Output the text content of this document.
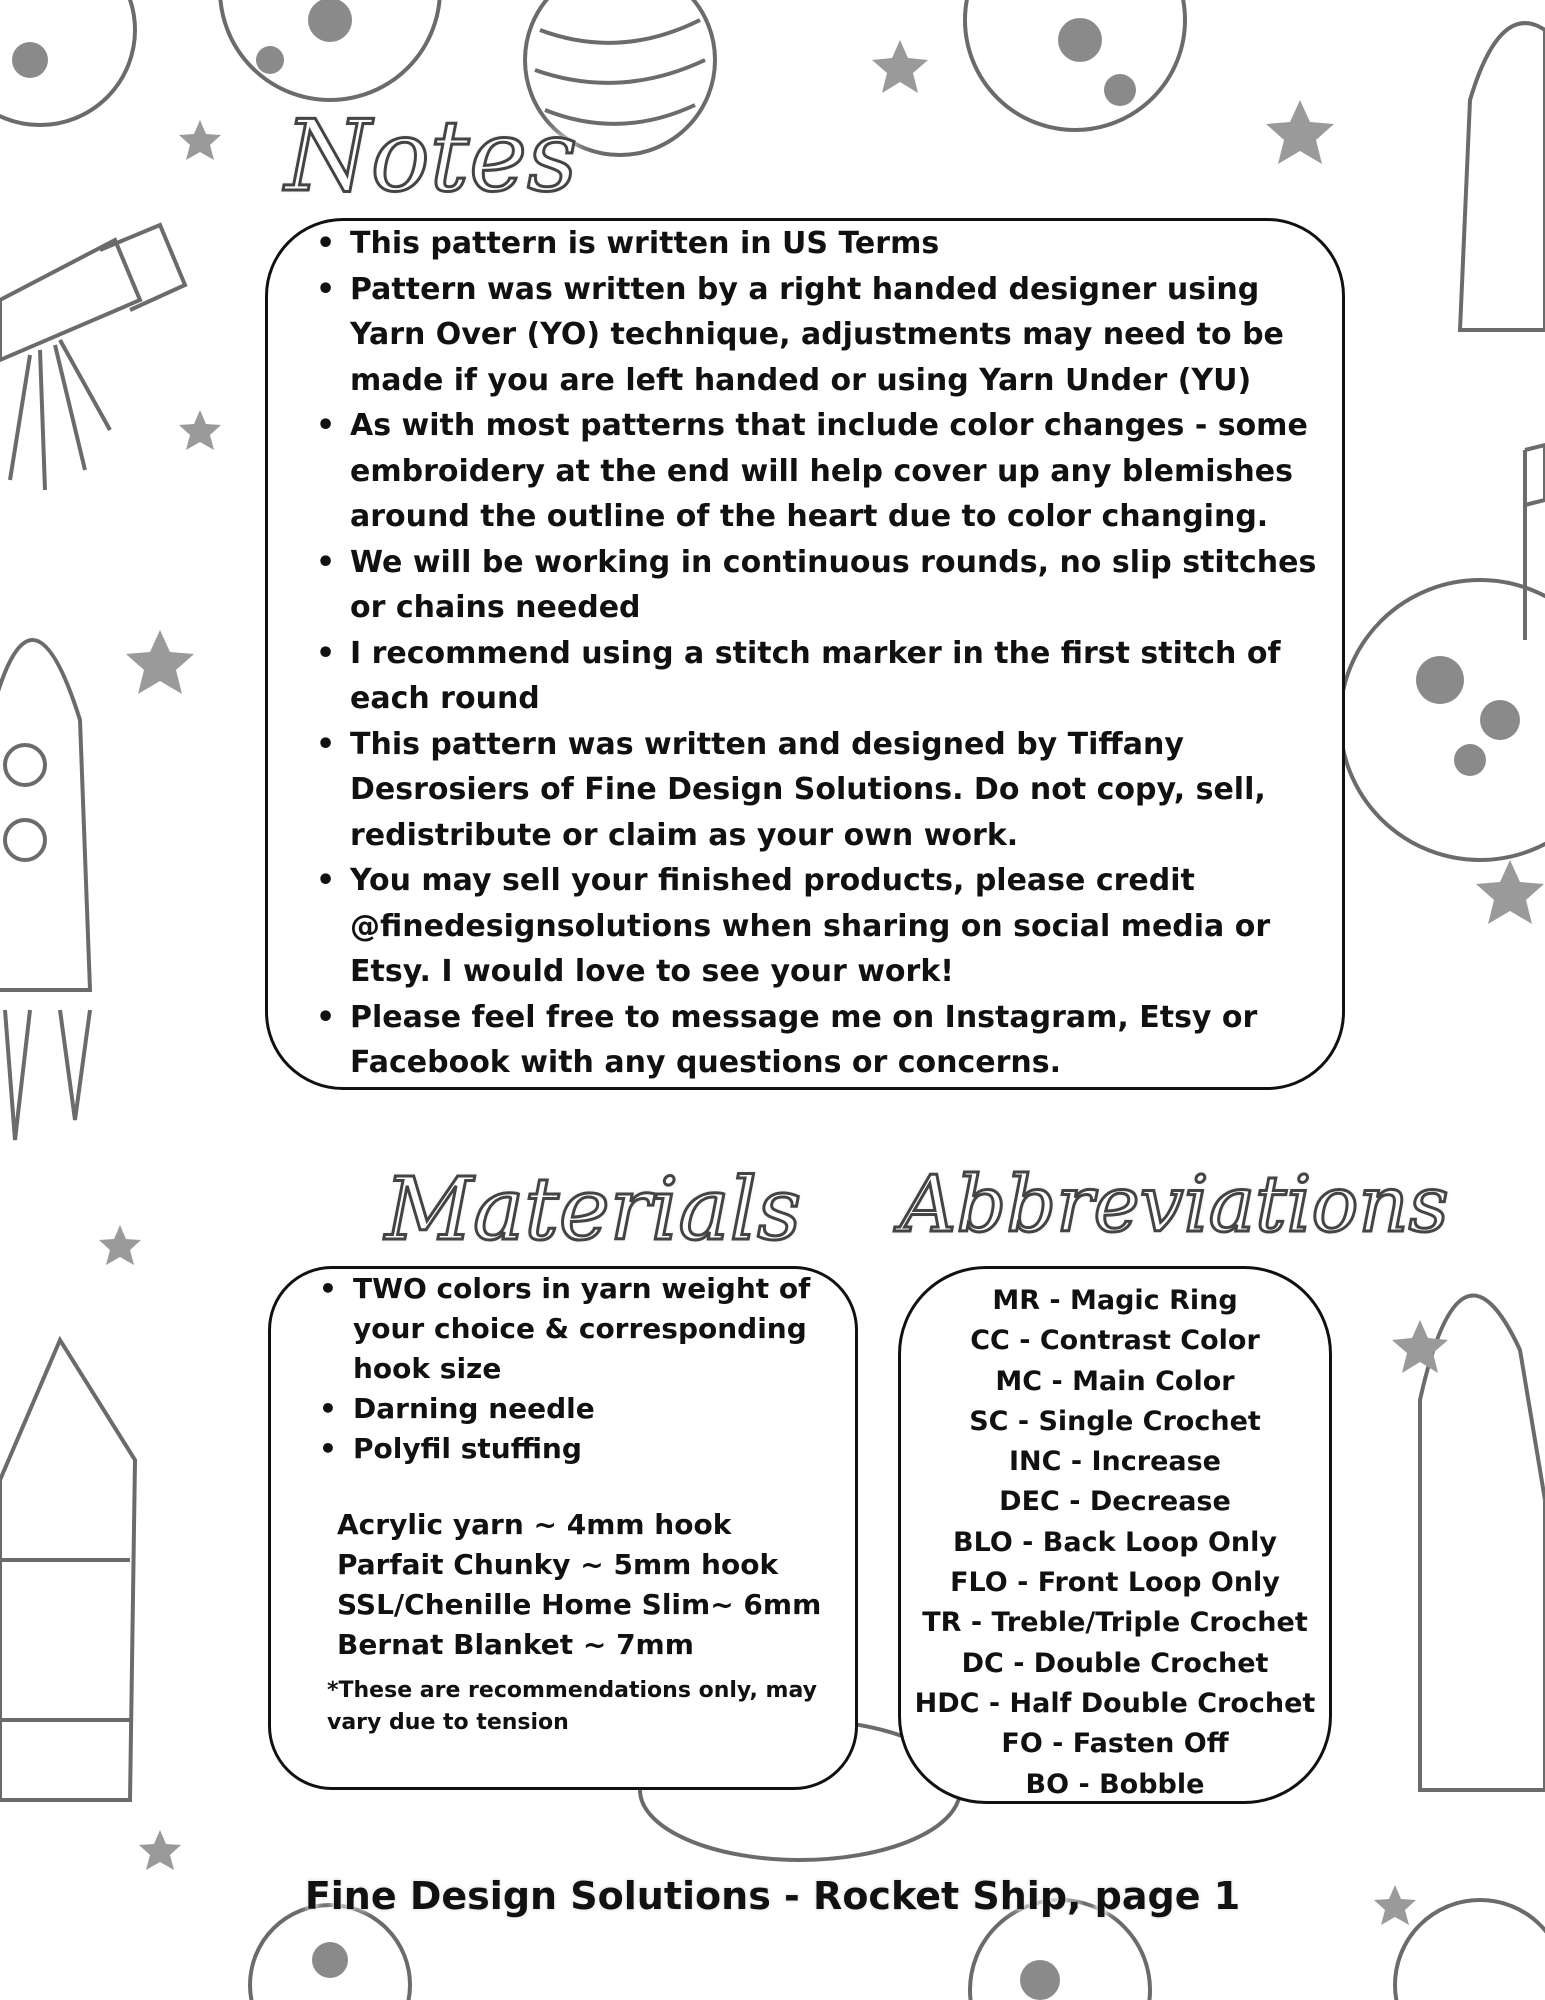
Notes
Materials Abbreviations
• This pattern is written in US Terms
• Pattern was written by a right handed designer using Yarn Over (YO) technique, adjustments may need to be made if you are left handed or using Yarn Under (YU)
• As with most patterns that include color changes - some embroidery at the end will help cover up any blemishes around the outline of the heart due to color changing.
• We will be working in continuous rounds, no slip stitches or chains needed
• I recommend using a stitch marker in the first stitch of each round
• This pattern was written and designed by Tiffany Desrosiers of Fine Design Solutions. Do not copy, sell, redistribute or claim as your own work.
• You may sell your finished products, please credit @finedesignsolutions when sharing on social media or Etsy. I would love to see your work!
• Please feel free to message me on Instagram, Etsy or Facebook with any questions or concerns.
• TWO colors in yarn weight of your choice & corresponding hook size
• Darning needle
• Polyfil stuffing
Acrylic yarn ~ 4mm hook
Parfait Chunky ~ 5mm hook
SSL/Chenille Home Slim~ 6mm
Bernat Blanket ~ 7mm
*These are recommendations only, may vary due to tension
MR - Magic Ring
CC - Contrast Color
MC - Main Color
SC - Single Crochet
INC - Increase
DEC - Decrease
BLO - Back Loop Only
FLO - Front Loop Only
TR - Treble/Triple Crochet
DC - Double Crochet
HDC - Half Double Crochet
FO - Fasten Off
BO - Bobble
Fine Design Solutions - Rocket Ship, page 1
